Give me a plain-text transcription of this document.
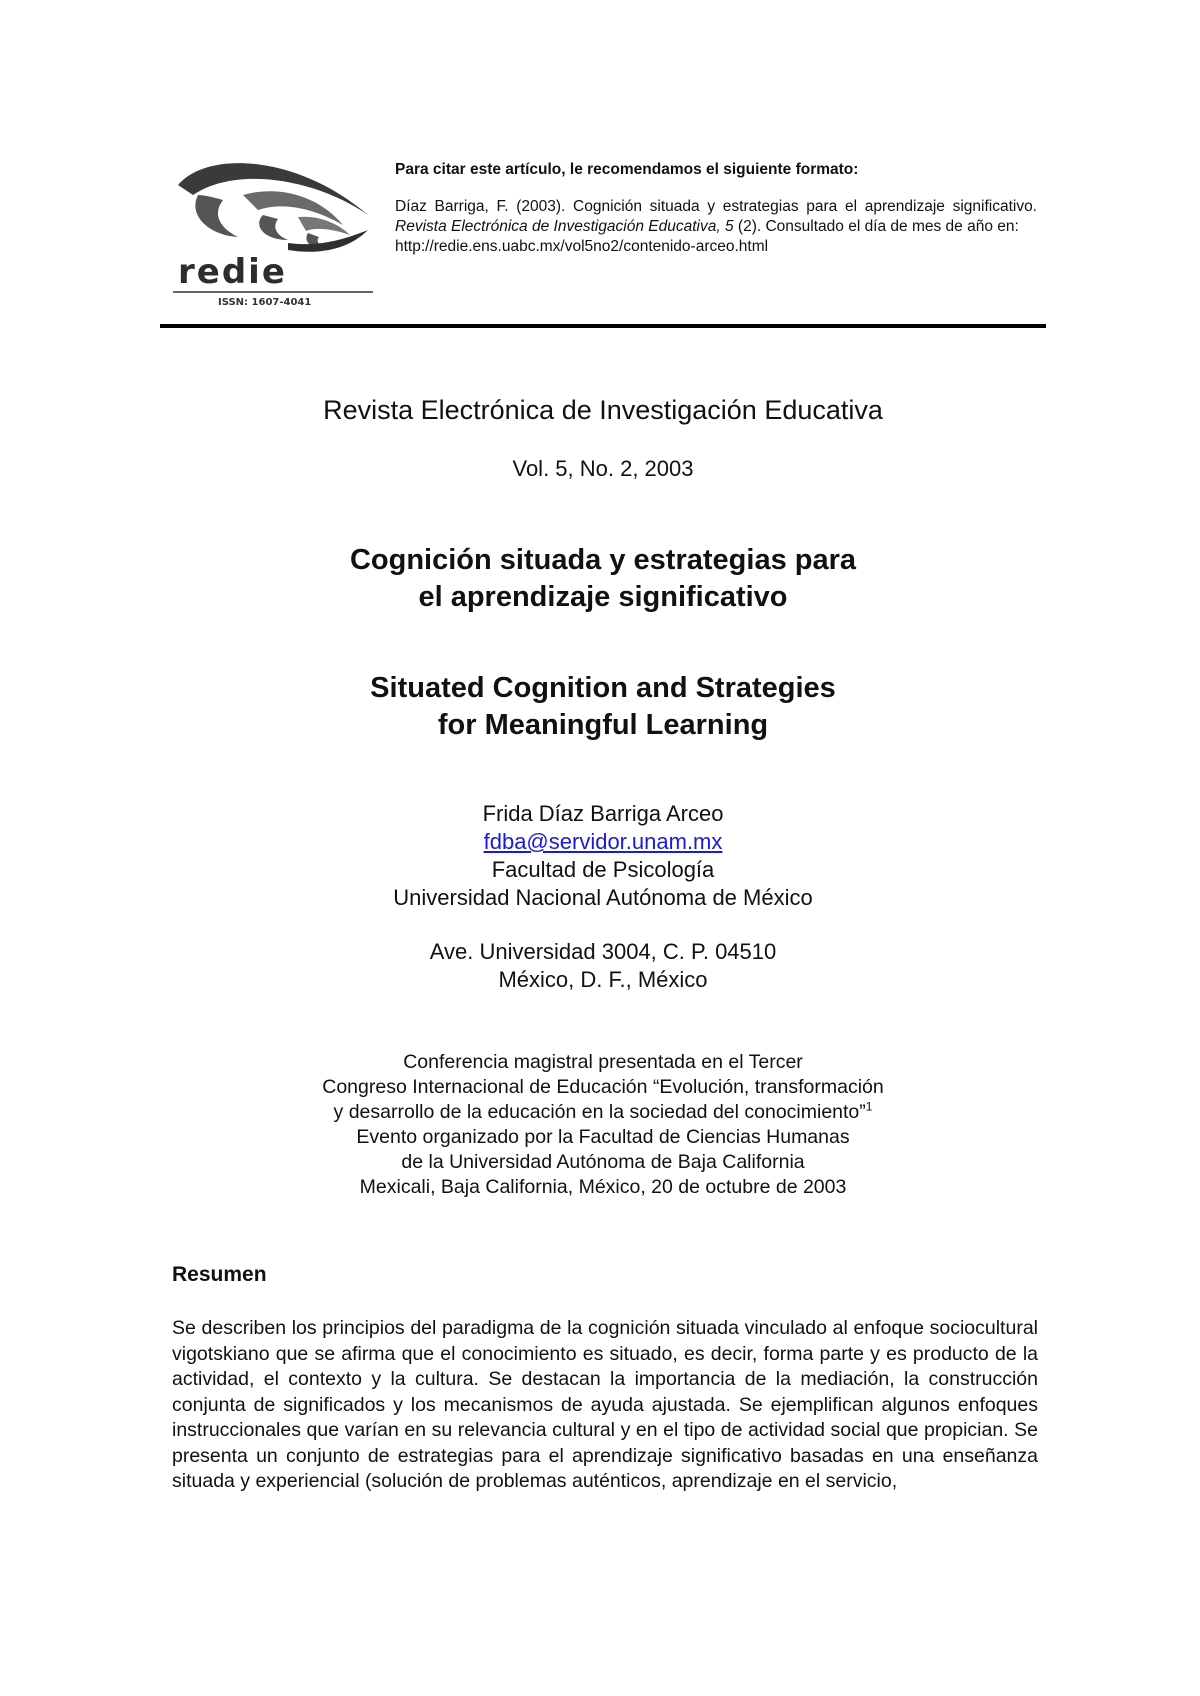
redie
ISSN: 1607-4041
Para citar este artículo, le recomendamos el siguiente formato:
Díaz Barriga, F. (2003). Cognición situada y estrategias para el aprendizaje significativo. Revista Electrónica de Investigación Educativa, 5 (2). Consultado el día de mes de año en:
http://redie.ens.uabc.mx/vol5no2/contenido-arceo.html
Revista Electrónica de Investigación Educativa
Vol. 5, No. 2, 2003
Cognición situada y estrategias para
el aprendizaje significativo
Situated Cognition and Strategies
for Meaningful Learning
Frida Díaz Barriga Arceo
fdba@servidor.unam.mx
Facultad de Psicología
Universidad Nacional Autónoma de México
Ave. Universidad 3004, C. P. 04510
México, D. F., México
Conferencia magistral presentada en el Tercer
Congreso Internacional de Educación “Evolución, transformación
y desarrollo de la educación en la sociedad del conocimiento”$^1$
Evento organizado por la Facultad de Ciencias Humanas
de la Universidad Autónoma de Baja California
Mexicali, Baja California, México, 20 de octubre de 2003
Resumen
Se describen los principios del paradigma de la cognición situada vinculado al enfoque sociocultural vigotskiano que se afirma que el conocimiento es situado, es decir, forma parte y es producto de la actividad, el contexto y la cultura. Se destacan la importancia de la mediación, la construcción conjunta de significados y los mecanismos de ayuda ajustada. Se ejemplifican algunos enfoques instruccionales que varían en su relevancia cultural y en el tipo de actividad social que propician. Se presenta un conjunto de estrategias para el aprendizaje significativo basadas en una enseñanza situada y experiencial (solución de problemas auténticos, aprendizaje en el servicio,
